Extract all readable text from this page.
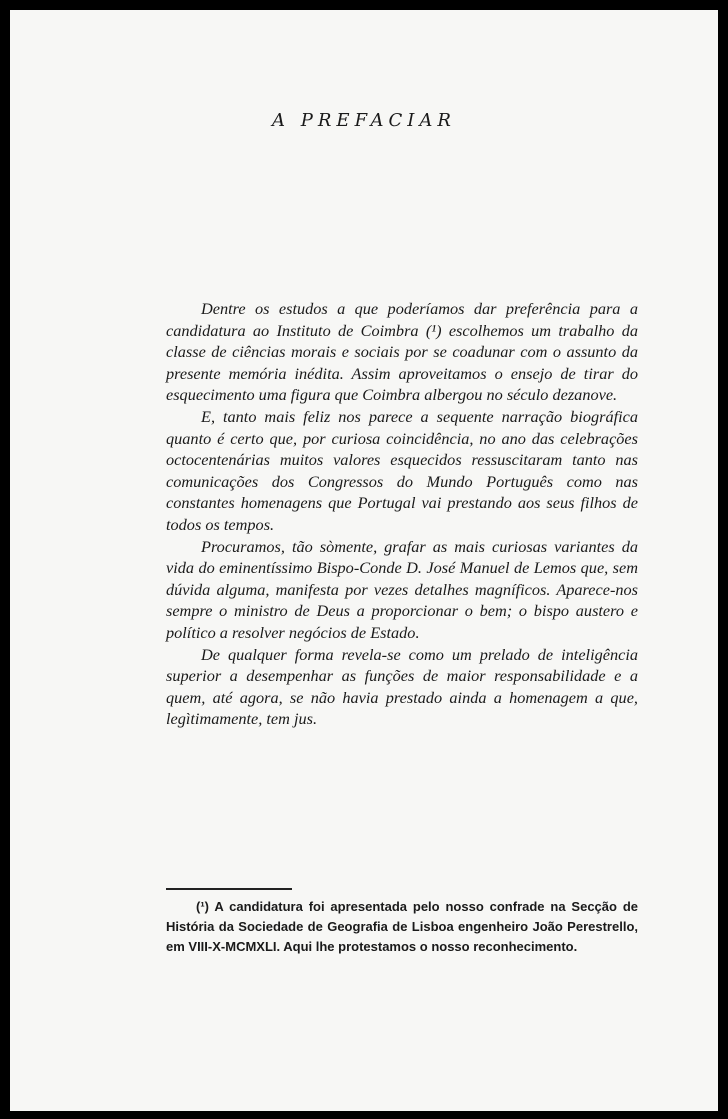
A PREFACIAR

Dentre os estudos a que poderíamos dar preferência para a candidatura ao Instituto de Coimbra (¹) escolhemos um trabalho da classe de ciências morais e sociais por se coadunar com o assunto da presente memória inédita. Assim aproveitamos o ensejo de tirar do esquecimento uma figura que Coimbra albergou no século dezanove.

E, tanto mais feliz nos parece a sequente narração biográfica quanto é certo que, por curiosa coincidência, no ano das celebrações octocentenárias muitos valores esquecidos ressuscitaram tanto nas comunicações dos Congressos do Mundo Português como nas constantes homenagens que Portugal vai prestando aos seus filhos de todos os tempos.

Procuramos, tão sòmente, grafar as mais curiosas variantes da vida do eminentíssimo Bispo-Conde D. José Manuel de Lemos que, sem dúvida alguma, manifesta por vezes detalhes magníficos. Aparece-nos sempre o ministro de Deus a proporcionar o bem; o bispo austero e político a resolver negócios de Estado.

De qualquer forma revela-se como um prelado de inteligência superior a desempenhar as funções de maior responsabilidade e a quem, até agora, se não havia prestado ainda a homenagem a que, legìtimamente, tem jus.

(¹) A candidatura foi apresentada pelo nosso confrade na Secção de História da Sociedade de Geografia de Lisboa engenheiro João Perestrello, em VIII-X-MCMXLI. Aqui lhe protestamos o nosso reconhecimento.
